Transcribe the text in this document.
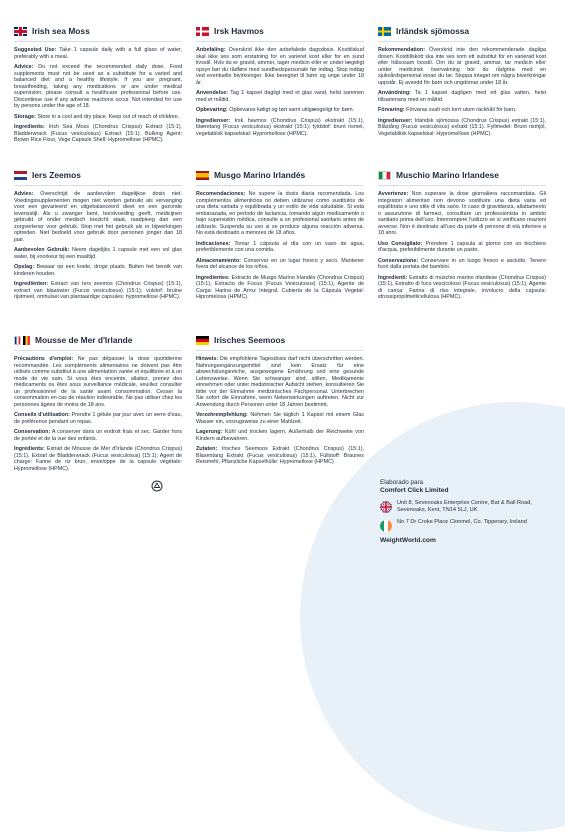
Irish sea Moss

Suggested Use: Take 1 capsule daily with a full glass of water, preferably with a meal.

Advice: Do not exceed the recommended daily dose. Food supplements must not be used as a substitute for a varied and balanced diet and a healthy lifestyle. If you are pregnant, breastfeeding, taking any medications or are under medical supervision, please consult a healthcare professional before use. Discontinue use if any adverse reactions occur. Not intended for use by persons under the age of 18.

Storage: Store in a cool and dry place. Keep out of reach of children.

Ingredients: Irish Sea Moss (Chondrus Crispus) Extract (15:1), Bladderwrack (Fucus vesiculosus) Extract (15:1). Bulking Agent: Brown Rice Flour, Vege Capsule Shell: Hypromellose (HPMC).

Iers Zeemos

Advies: Overschrijd de aanbevolen dagelijkse dosis niet. Voedingssupplementen mogen niet worden gebruikt als vervanging voor een gevarieerd en uitgebalanceerd dieet en een gezonde levensstijl. Als u zwanger bent, borstvoeding geeft, medicijnen gebruikt of onder medisch toezicht staat, raadpleeg dan een zorgverlener voor gebruik. Stop met het gebruik als er bijwerkingen optreden. Niet bedoeld voor gebruik door personen jonger dan 18 jaar.

Aanbevolen Gebruik: Neem dagelijks 1 capsule met een vol glas water, bij voorkeur bij een maaltijd.

Opslag: Bewaar op een koele, droge plaats. Buiten het bereik van kinderen houden.

Ingrediënten: Extract van Iers zeemos (Chondrus Crispus) (15:1), extract van blaaswier (Fucus vesiculosus) (15:1); vulstof: bruine rijstmeel, omhulsel van plantaardige capsules: hypromellose (HPMC).

Mousse de Mer d'Irlande

Précautions d'emploi: Ne pas dépasser la dose quotidienne recommandée. Les compléments alimentaires ne doivent pas être utilisés comme substitut à une alimentation variée et équilibrée et à un mode de vie sain. Si vous êtes enceinte, allaitez, prenez des médicaments ou êtes sous surveillance médicale, veuillez consulter un professionnel de la santé avant consommation. Cesser la consommation en cas de réaction indésirable. Ne pas utiliser chez les personnes âgées de moins de 18 ans.

Conseils d'utilisation: Prendre 1 gélule par jour avec un verre d'eau, de préférence pendant un repas.

Conservation: A conserver dans un endroit frais et sec. Garder hors de portée et de la vue des enfants.

Ingrédients: Extrait de Mousse de Mer d'Irlande (Chondrus Crispus) (15:1), Extrait de Bladderwrack (Fucus vesiculosus) (15:1); Agent de charge: Farine de riz brun, enveloppe de la capsule végétale: Hypromellose (HPMC).

Irsk Havmos

Anbefaling: Overskrid ikke den anbefalede dagsdosis. Kosttilskud skal ikke ses som erstatning for en varieret kost eller for en sund livsstil. Hvis du er gravid, ammer, tager medicin eller er under lægeligt opsyn bør du rådføre med sundhedspersonale før indtag. Stop indtag ved eventuelle bivirkninger. Ikke beregnet til børn og unge under 18 år.

Anvendelse: Tag 1 kapsel dagligt med et glas vand, helst sammen med et måltid.

Opbevaring: Opbevares køligt og tørt samt utilgængeligt for børn.

Ingredienser: Irsk havmos (Chondrus Crispus) ekstrakt (15:1), blæretang (Fucus vesiculosus) ekstrakt (15:1); fyldstof: brunt rismel, vegetabilsk kapselskal: Hypromellose (HPMC).

Musgo Marino Irlandés

Recomendaciones: No supere la dosis diaria recomendada. Los complementos alimenticios no deben utilizarse como sustitutos de una dieta variada y equilibrada y un estilo de vida saludable. Si está embarazada, en período de lactancia, tomando algún medicamento o bajo supervisión médica, consulte a un profesional sanitario antes de utilizarlo. Suspenda su uso si se produce alguna reacción adversa. No está destinado a menores de 18 años.

Indicaciones: Tomar 1 cápsula al día con un vaso de agua, preferiblemente con una comida.

Almacenamiento: Conservar en un lugar fresco y seco. Mantener fuera del alcance de los niños.

Ingredientes: Extracto de Musgo Marino Irlandés (Chondrus Crispus) (15:1), Extracto de Fucus (Fucus Vesiculosus) (15:1), Agente de Carga: Harina de Arroz Integral, Cubierta de la Cápsula Vegetal: Hipromelosa (HPMC).

Irisches Seemoos

Hinweis: Die empfohlene Tagesdosis darf nicht überschritten werden. Nahrungsergänzungsmittel sind kein Ersatz für eine abwechslungsreiche, ausgewogene Ernährung und eine gesunde Lebensweise. Wenn Sie schwanger sind, stillen, Medikamente einnehmen oder unter medizinischer Aufsicht stehen, konsultieren Sie bitte vor der Einnahme medizinisches Fachpersonal. Unterbrechen Sie sofort die Einnahme, wenn Nebenwirkungen auftreten. Nicht zur Anwendung durch Personen unter 18 Jahren bestimmt.

Verzehrempfehlung: Nehmen Sie täglich 1 Kapsel mit einem Glas Wasser ein, vorzugsweise zu einer Mahlzeit.

Lagerung: Kühl und trocken lagern. Außerhalb der Reichweite von Kindern aufbewahren.

Zutaten: Irisches Seemoos Extrakt (Chondrus Crispus) (15:1), Blasentang Extrakt (Fucus vesiculosus) (15:1), Füllstoff: Braunes Reismehl, Pflanzliche Kapselhülle: Hypromellose (HPMC)

Irländsk sjömossa

Rekommendation: Överskrid inte den rekommenderade dagliga dosen. Kosttillskott ska inte ses som ett substitut för en varierad kost eller hälsosam livsstil. Om du är gravid, ammar, tar medicin eller under medicinsk övervakning bör du rådgöra med en sjukvårdspersonal innan du tar. Stoppa intaget om några biverkningar uppstår. Ej avsedd för barn och ungdomar under 18 år.

Användning: Ta 1 kapsel dagligen med ett glas vatten, helst tillsammans med en måltid.

Förvaring: Förvaras svalt och torrt utom räckhåll för barn.

Ingredienser: Irländsk sjömossa (Chondrus Crispus) extrakt (15:1), Blåstång (Fucus vesiculosus) extrakt (15:1). Fyllmedel: Brunt rismjöl, Vegetabilisk kapselskal: Hypromellose (HPMC).

Muschio Marino Irlandese

Avvertenze: Non superare la dose giornaliera raccomandata. Gli integratori alimentari non devono sostituire una dieta varia ed equilibrata e uno stile di vita sano. In caso di gravidanza, allattamento o assunzione di farmaci, consultare un professionista in ambito sanitario prima dell'uso. Interrompere l'utilizzo se si verificano reazioni avverse. Non è destinato all'uso da parte di persone di età inferiore a 18 anni.

Uso Consigliato: Prendere 1 capsula al giorno con un bicchiere d'acqua, preferibilmente durante un pasto.

Conservazione: Conservare in un luogo fresco e asciutto. Tenere fuori dalla portata dei bambini.

Ingredienti: Estratto di muschio marino irlandese (Chondrus Crispus) (15:1), Estratto di fuco vescicoloso (Fucus vesiculosus) (15:1); Agente di carica: Farina di riso integrale, involucro della capsula: idrossipropilmetilcellulosa (HPMC).

Elaborado para
Comfort Click Limited
Unit 8, Sevenoaks Enterprise Centre, Bat & Ball Road, Sevenoaks, Kent, TN14 5LJ, UK
No 7 Dr Croke Place Clonmel, Co. Tipperary, Ireland
WeightWorld.com
